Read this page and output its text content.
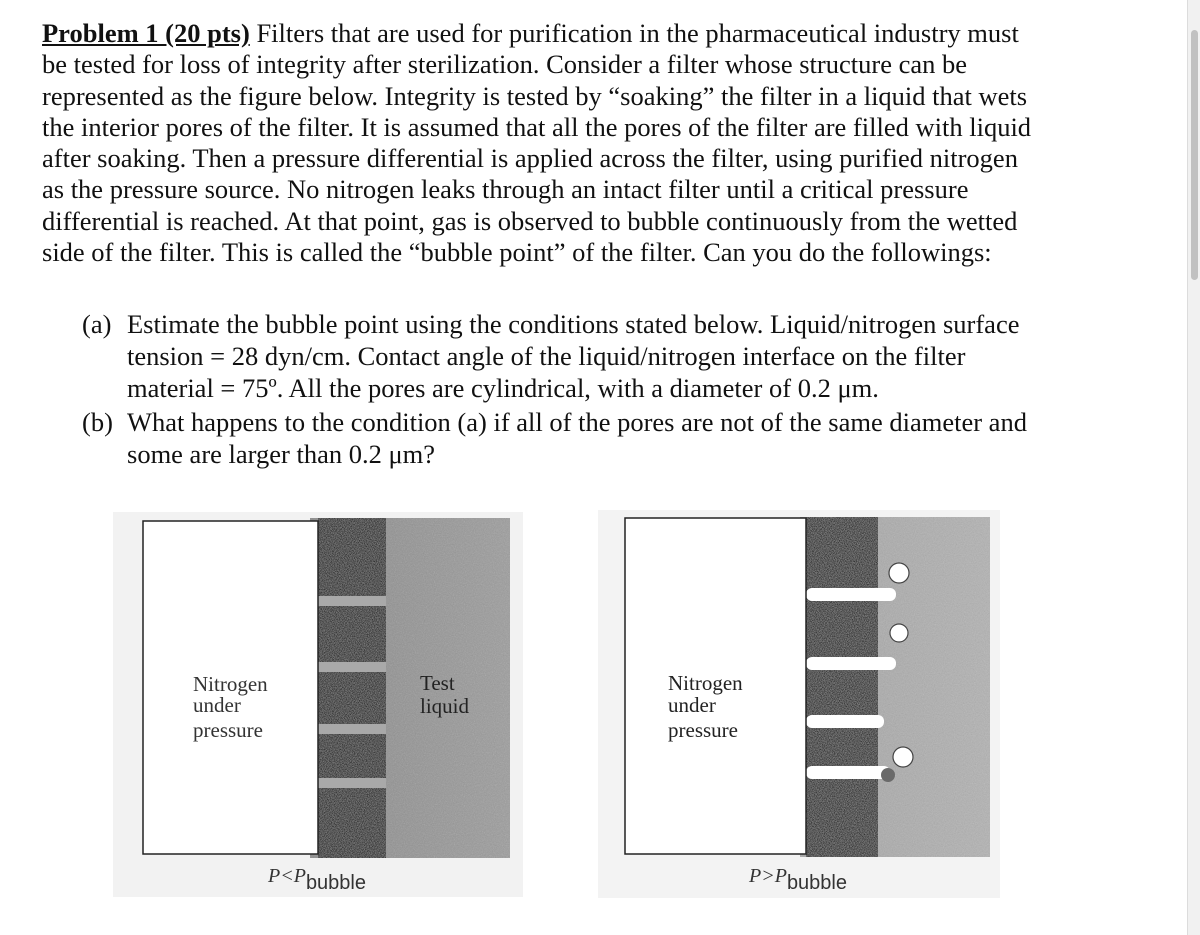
Problem 1 (20 pts) Filters that are used for purification in the pharmaceutical industry must
be tested for loss of integrity after sterilization. Consider a filter whose structure can be
represented as the figure below. Integrity is tested by “soaking” the filter in a liquid that wets
the interior pores of the filter. It is assumed that all the pores of the filter are filled with liquid
after soaking. Then a pressure differential is applied across the filter, using purified nitrogen
as the pressure source. No nitrogen leaks through an intact filter until a critical pressure
differential is reached. At that point, gas is observed to bubble continuously from the wetted
side of the filter. This is called the “bubble point” of the filter. Can you do the followings:
(a) Estimate the bubble point using the conditions stated below. Liquid/nitrogen surface
tension = 28 dyn/cm. Contact angle of the liquid/nitrogen interface on the filter
material = 75º. All the pores are cylindrical, with a diameter of 0.2 μm.
(b) What happens to the condition (a) if all of the pores are not of the same diameter and
some are larger than 0.2 μm?
Nitrogen
under
pressure
Test
liquid
P<Pbubble
Nitrogen
under
pressure
P>Pbubble
